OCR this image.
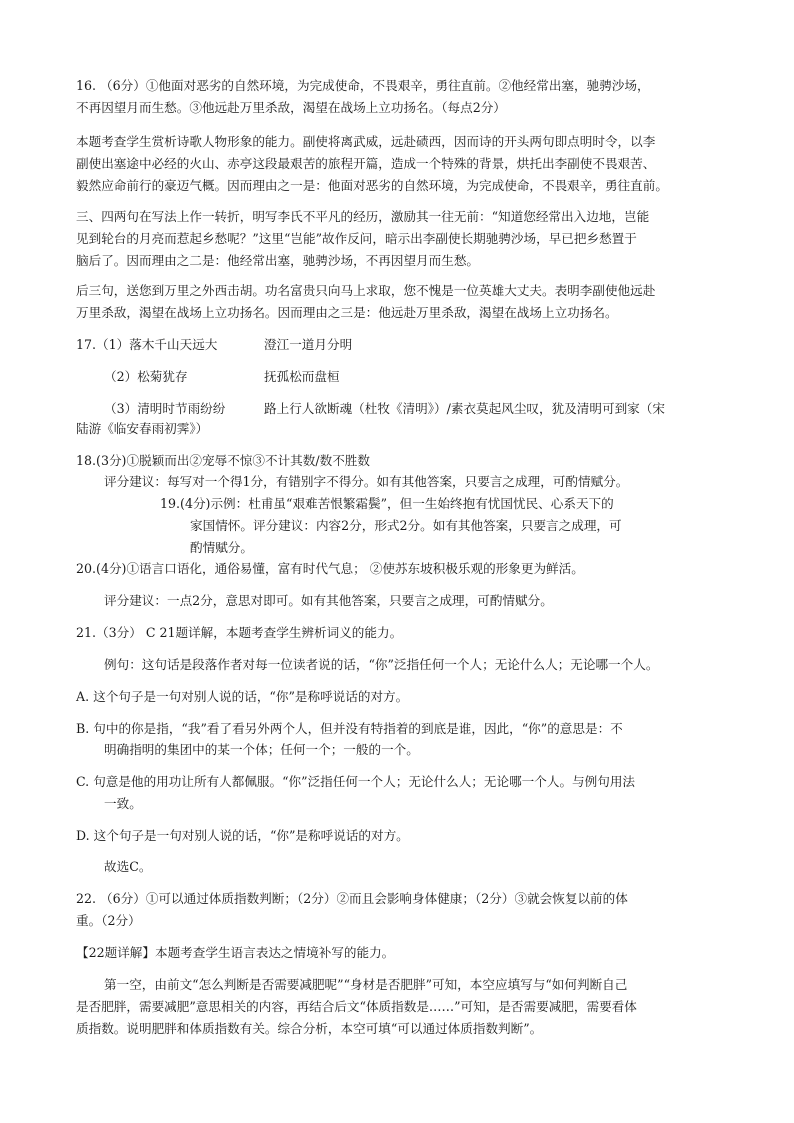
16. （6分）①他面对恶劣的自然环境，为完成使命，不畏艰辛，勇往直前。②他经常出塞，驰骋沙场，
不再因望月而生愁。③他远赴万里杀敌，渴望在战场上立功扬名。（每点2分）
本题考查学生赏析诗歌人物形象的能力。副使将离武威，远赴碛西，因而诗的开头两句即点明时令，以李
副使出塞途中必经的火山、赤亭这段最艰苦的旅程开篇，造成一个特殊的背景，烘托出李副使不畏艰苦、
毅然应命前行的豪迈气概。因而理由之一是：他面对恶劣的自然环境，为完成使命，不畏艰辛，勇往直前。
三、四两句在写法上作一转折，明写李氏不平凡的经历，激励其一往无前：“知道您经常出入边地，岂能
见到轮台的月亮而惹起乡愁呢？”这里“岂能”故作反问，暗示出李副使长期驰骋沙场，早已把乡愁置于
脑后了。因而理由之二是：他经常出塞，驰骋沙场，不再因望月而生愁。
后三句，送您到万里之外西击胡。功名富贵只向马上求取，您不愧是一位英雄大丈夫。表明李副使他远赴
万里杀敌，渴望在战场上立功扬名。因而理由之三是：他远赴万里杀敌，渴望在战场上立功扬名。
17.（1）落木千山天远大	澄江一道月分明
（2）松菊犹存	抚孤松而盘桓
（3）清明时节雨纷纷	路上行人欲断魂（杜牧《清明》）/素衣莫起风尘叹，犹及清明可到家（宋
陆游《临安春雨初霁》）
18.(3分)①脱颖而出②宠辱不惊③不计其数/数不胜数
评分建议：每写对一个得1分，有错别字不得分。如有其他答案，只要言之成理，可酌情赋分。
19.(4分)示例：杜甫虽“艰难苦恨繁霜鬓”，但一生始终抱有忧国忧民、心系天下的
家国情怀。评分建议：内容2分，形式2分。如有其他答案，只要言之成理，可
酌情赋分。
20.(4分)①语言口语化，通俗易懂，富有时代气息； ②使苏东坡积极乐观的形象更为鲜活。
评分建议：一点2分，意思对即可。如有其他答案，只要言之成理，可酌情赋分。
21.（3分） C 21题详解，本题考查学生辨析词义的能力。
例句：这句话是段落作者对每一位读者说的话，“你”泛指任何一个人；无论什么人；无论哪一个人。
A. 这个句子是一句对别人说的话，“你”是称呼说话的对方。
B. 句中的你是指，“我”看了看另外两个人，但并没有特指着的到底是谁，因此，“你”的意思是：不
明确指明的集团中的某一个体；任何一个；一般的一个。
C. 句意是他的用功让所有人都佩服。“你”泛指任何一个人；无论什么人；无论哪一个人。与例句用法
一致。
D. 这个句子是一句对别人说的话，“你”是称呼说话的对方。
故选C。
22. （6分）①可以通过体质指数判断；（2分）②而且会影响身体健康；（2分）③就会恢复以前的体
重。（2分）
【22题详解】本题考查学生语言表达之情境补写的能力。
第一空，由前文“怎么判断是否需要减肥呢”“身材是否肥胖”可知，本空应填写与“如何判断自己
是否肥胖，需要减肥”意思相关的内容，再结合后文“体质指数是……”可知，是否需要减肥，需要看体
质指数。说明肥胖和体质指数有关。综合分析，本空可填“可以通过体质指数判断”。
